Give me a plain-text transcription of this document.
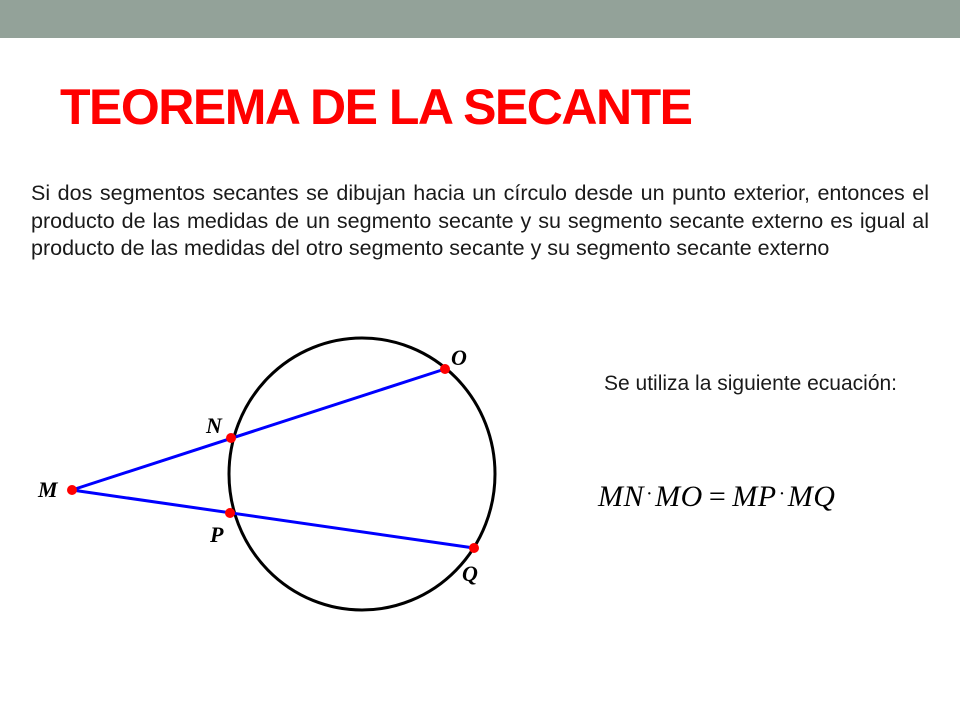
TEOREMA DE LA SECANTE

Si dos segmentos secantes se dibujan hacia un círculo desde un punto exterior, entonces el producto de las medidas de un segmento secante y su segmento secante externo es igual al producto de las medidas del otro segmento secante y su segmento secante externo

M
N
O
P
Q

Se utiliza la siguiente ecuación:

MN ·MO = MP ·MQ
